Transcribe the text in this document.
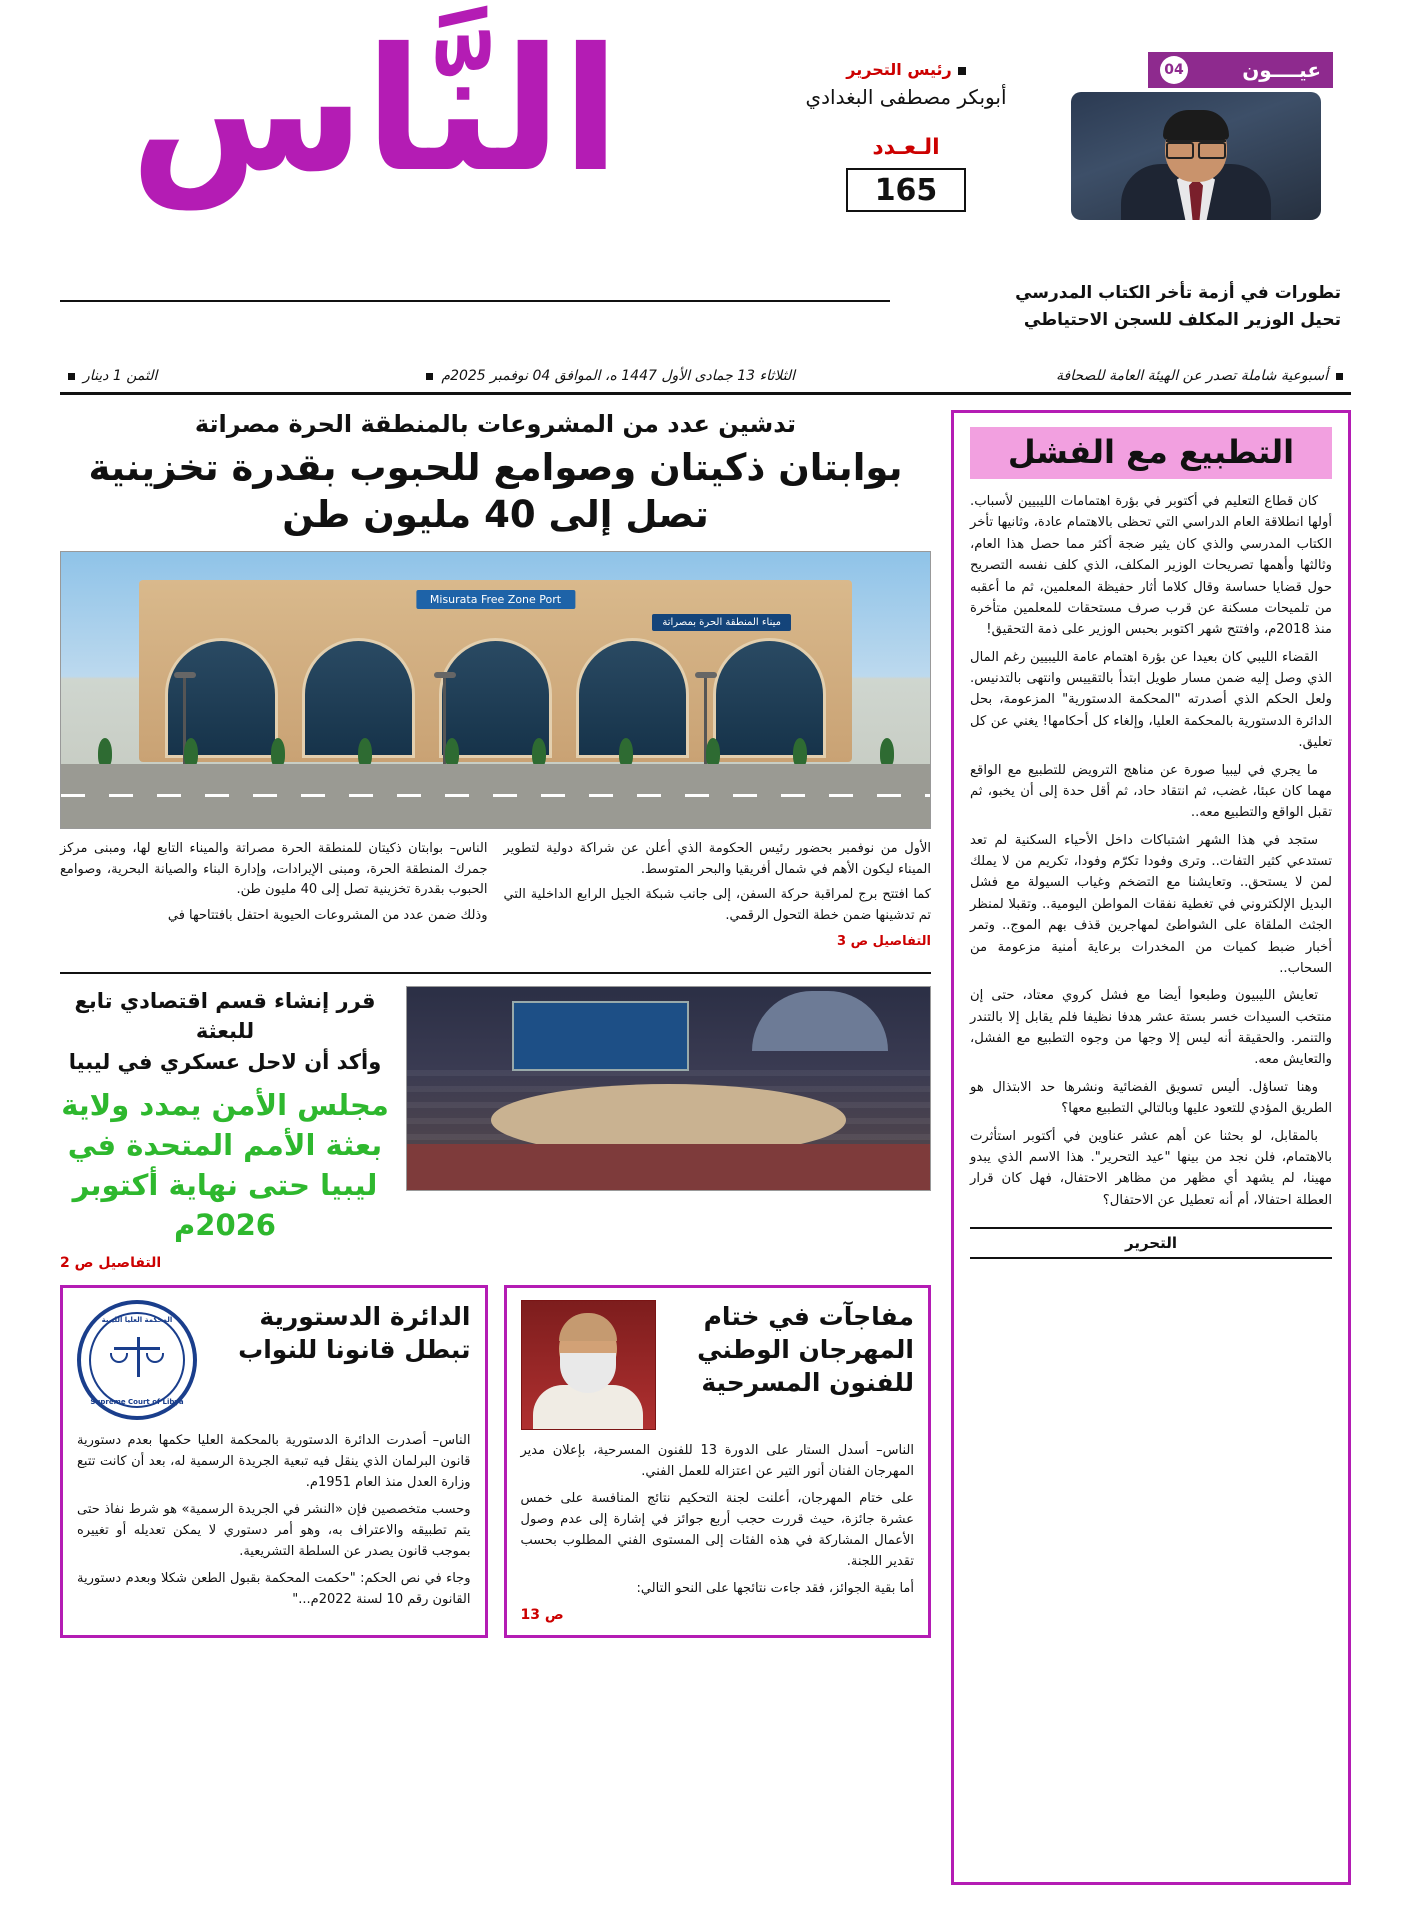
عيــــون
04
رئيس التحرير
أبوبكر مصطفى البغدادي
الـعـدد
165
النَّاس
تطورات في أزمة تأخر الكتاب المدرسي
تحيل الوزير المكلف للسجن الاحتياطي
أسبوعية شاملة تصدر عن الهيئة العامة للصحافة
الثلاثاء 13 جمادى الأول 1447 ه، الموافق 04 نوفمبر 2025م
الثمن 1 دينار
التطبيع مع الفشل

كان قطاع التعليم في أكتوبر في بؤرة اهتمامات الليبيين لأسباب. أولها انطلاقة العام الدراسي التي تحظى بالاهتمام عادة، وثانيها تأخر الكتاب المدرسي والذي كان يثير ضجة أكثر مما حصل هذا العام، وثالثها وأهمها تصريحات الوزير المكلف، الذي كلف نفسه التصريح حول قضايا حساسة وقال كلاما أثار حفيظة المعلمين، ثم ما أعقبه من تلميحات مسكنة عن قرب صرف مستحقات للمعلمين متأخرة منذ 2018م، وافتتح شهر اكتوبر بحبس الوزير على ذمة التحقيق!

القضاء الليبي كان بعيدا عن بؤرة اهتمام عامة الليبيين رغم المال الذي وصل إليه ضمن مسار طويل ابتدأ بالتقييس وانتهى بالتدنيس. ولعل الحكم الذي أصدرته "المحكمة الدستورية" المزعومة، بحل الدائرة الدستورية بالمحكمة العليا، وإلغاء كل أحكامها! يغني عن كل تعليق.

ما يجري في ليبيا صورة عن مناهج الترويض للتطبيع مع الواقع مهما كان عبئا، غضب، ثم انتقاد حاد، ثم أقل حدة إلى أن يخبو، ثم تقبل الواقع والتطبيع معه..

ستجد في هذا الشهر اشتباكات داخل الأحياء السكنية لم تعد تستدعي كثير التفات.. وترى وفودا تكرّم وفودا، تكريم من لا يملك لمن لا يستحق.. وتعايشنا مع التضخم وغياب السيولة مع فشل البديل الإلكتروني في تغطية نفقات المواطن اليومية.. وتقبلا لمنظر الجثث الملقاة على الشواطئ لمهاجرين قذف بهم الموج.. وتمر أخبار ضبط كميات من المخدرات برعاية أمنية مزعومة من السحاب..

تعايش الليبيون وطبعوا أيضا مع فشل كروي معتاد، حتى إن منتخب السيدات خسر بستة عشر هدفا نظيفا فلم يقابل إلا بالتندر والتنمر. والحقيقة أنه ليس إلا وجها من وجوه التطبيع مع الفشل، والتعايش معه.

وهنا تساؤل. أليس تسويق الفضائية ونشرها حد الابتذال هو الطريق المؤدي للتعود عليها وبالتالي التطبيع معها؟

بالمقابل، لو بحثنا عن أهم عشر عناوين في أكتوبر استأثرت بالاهتمام، فلن نجد من بينها "عيد التحرير". هذا الاسم الذي يبدو مهينا، لم يشهد أي مظهر من مظاهر الاحتفال، فهل كان قرار العطلة احتفالا، أم أنه تعطيل عن الاحتفال؟

التحرير
تدشين عدد من المشروعات بالمنطقة الحرة مصراتة
بوابتان ذكيتان وصوامع للحبوب بقدرة تخزينية تصل إلى 40 مليون طن
Misurata Free Zone Port
ميناء المنطقة الحرة بمصراتة

الأول من نوفمبر بحضور رئيس الحكومة الذي أعلن عن شراكة دولية لتطوير الميناء ليكون الأهم في شمال أفريقيا والبحر المتوسط.

كما افتتح برج لمراقبة حركة السفن، إلى جانب شبكة الجيل الرابع الداخلية التي تم تدشينها ضمن خطة التحول الرقمي.

التفاصيل ص 3

الناس– بوابتان ذكيتان للمنطقة الحرة مصراتة والميناء التابع لها، ومبنى مركز جمرك المنطقة الحرة، ومبنى الإيرادات، وإدارة البناء والصيانة البحرية، وصوامع الحبوب بقدرة تخزينية تصل إلى 40 مليون طن.

وذلك ضمن عدد من المشروعات الحيوية احتفل بافتتاحها في

قرر إنشاء قسم اقتصادي تابع للبعثة
وأكد أن لاحل عسكري في ليبيا
مجلس الأمن يمدد ولاية بعثة الأمم المتحدة في ليبيا حتى نهاية أكتوبر 2026م
التفاصيل ص 2
مفاجآت في ختام المهرجان الوطني للفنون المسرحية

الناس– أسدل الستار على الدورة 13 للفنون المسرحية، بإعلان مدير المهرجان الفنان أنور التير عن اعتزاله للعمل الفني.

على ختام المهرجان، أعلنت لجنة التحكيم نتائج المنافسة على خمس عشرة جائزة، حيث قررت حجب أربع جوائز في إشارة إلى عدم وصول الأعمال المشاركة في هذه الفئات إلى المستوى الفني المطلوب بحسب تقدير اللجنة.

أما بقية الجوائز، فقد جاءت نتائجها على النحو التالي:

ص 13
الدائرة الدستورية تبطل قانونا للنواب
المحكمة العليا الليبية
Supreme Court of Libya

الناس– أصدرت الدائرة الدستورية بالمحكمة العليا حكمها بعدم دستورية قانون البرلمان الذي ينقل فيه تبعية الجريدة الرسمية له، بعد أن كانت تتبع وزارة العدل منذ العام 1951م.

وحسب متخصصين فإن «النشر في الجريدة الرسمية» هو شرط نفاذ حتى يتم تطبيقه والاعتراف به، وهو أمر دستوري لا يمكن تعديله أو تغييره بموجب قانون يصدر عن السلطة التشريعية.

وجاء في نص الحكم: "حكمت المحكمة بقبول الطعن شكلا وبعدم دستورية القانون رقم 10 لسنة 2022م..."
